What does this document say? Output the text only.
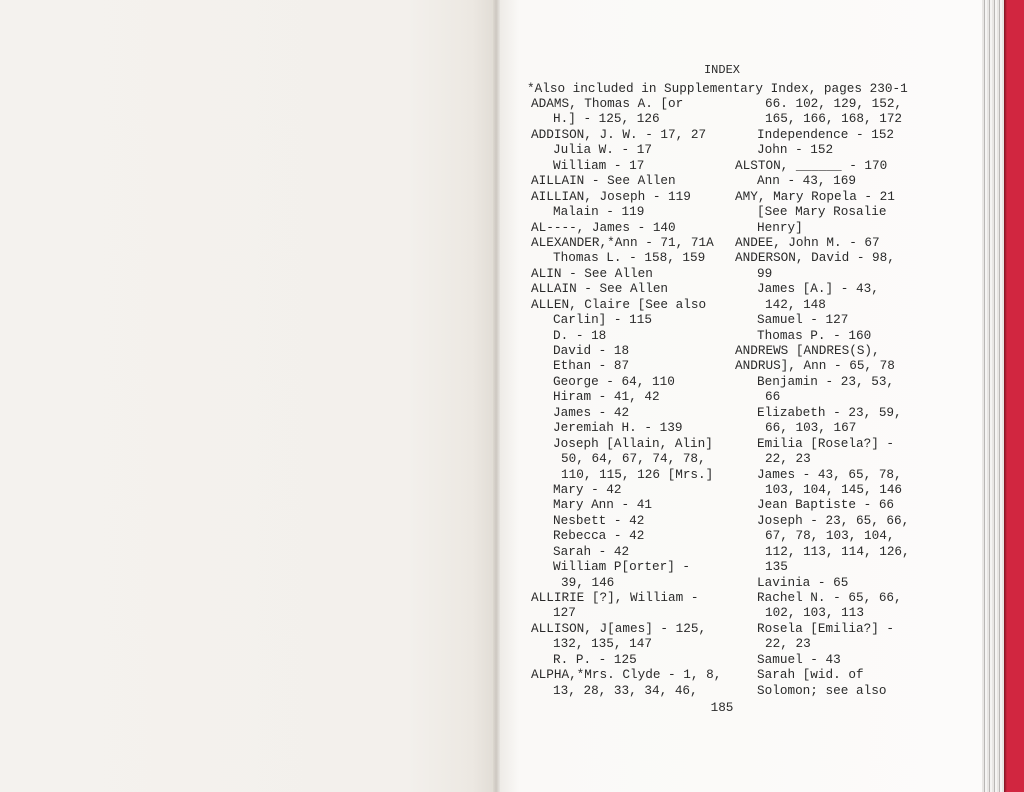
INDEX
*Also included in Supplementary Index, pages 230-1
ADAMS, Thomas A. [or
H.] - 125, 126
ADDISON, J. W. - 17, 27
Julia W. - 17
William - 17
AILLAIN - See Allen
AILLIAN, Joseph - 119
Malain - 119
AL----, James - 140
ALEXANDER,*Ann - 71, 71A
Thomas L. - 158, 159
ALIN - See Allen
ALLAIN - See Allen
ALLEN, Claire [See also
Carlin] - 115
D. - 18
David - 18
Ethan - 87
George - 64, 110
Hiram - 41, 42
James - 42
Jeremiah H. - 139
Joseph [Allain, Alin]
50, 64, 67, 74, 78,
110, 115, 126 [Mrs.]
Mary - 42
Mary Ann - 41
Nesbett - 42
Rebecca - 42
Sarah - 42
William P[orter] -
39, 146
ALLIRIE [?], William -
127
ALLISON, J[ames] - 125,
132, 135, 147
R. P. - 125
ALPHA,*Mrs. Clyde - 1, 8,
13, 28, 33, 34, 46,
66. 102, 129, 152,
165, 166, 168, 172
Independence - 152
John - 152
ALSTON, ______ - 170
Ann - 43, 169
AMY, Mary Ropela - 21
[See Mary Rosalie
Henry]
ANDEE, John M. - 67
ANDERSON, David - 98,
99
James [A.] - 43,
142, 148
Samuel - 127
Thomas P. - 160
ANDREWS [ANDRES(S),
ANDRUS], Ann - 65, 78
Benjamin - 23, 53,
66
Elizabeth - 23, 59,
66, 103, 167
Emilia [Rosela?] -
22, 23
James - 43, 65, 78,
103, 104, 145, 146
Jean Baptiste - 66
Joseph - 23, 65, 66,
67, 78, 103, 104,
112, 113, 114, 126,
135
Lavinia - 65
Rachel N. - 65, 66,
102, 103, 113
Rosela [Emilia?] -
22, 23
Samuel - 43
Sarah [wid. of
Solomon; see also
185
